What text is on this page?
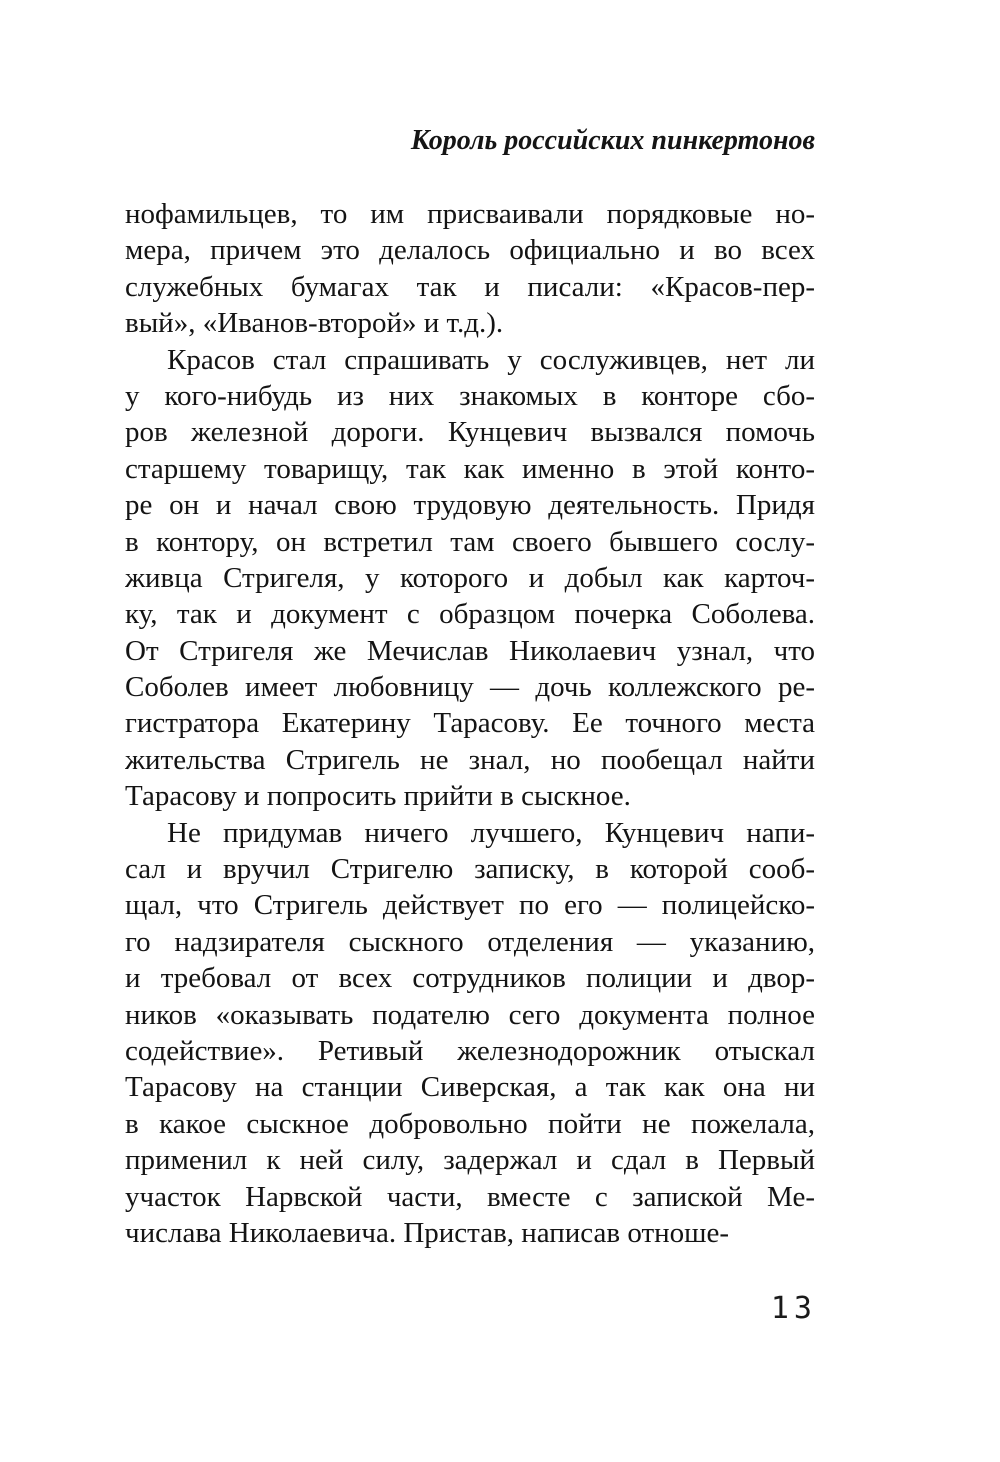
Король российских пинкертонов
нофамильцев, то им присваивали порядковые но-
мера, причем это делалось официально и во всех
служебных бумагах так и писали: «Красов-пер-
вый», «Иванов-второй» и т.д.).
Красов стал спрашивать у сослуживцев, нет ли
у кого-нибудь из них знакомых в конторе сбо-
ров железной дороги. Кунцевич вызвался помочь
старшему товарищу, так как именно в этой конто-
ре он и начал свою трудовую деятельность. Придя
в контору, он встретил там своего бывшего сослу-
живца Стригеля, у которого и добыл как карточ-
ку, так и документ с образцом почерка Соболева.
От Стригеля же Мечислав Николаевич узнал, что
Соболев имеет любовницу — дочь коллежского ре-
гистратора Екатерину Тарасову. Ее точного места
жительства Стригель не знал, но пообещал найти
Тарасову и попросить прийти в сыскное.
Не придумав ничего лучшего, Кунцевич напи-
сал и вручил Стригелю записку, в которой сооб-
щал, что Стригель действует по его — полицейско-
го надзирателя сыскного отделения — указанию,
и требовал от всех сотрудников полиции и двор-
ников «оказывать подателю сего документа полное
содействие». Ретивый железнодорожник отыскал
Тарасову на станции Сиверская, а так как она ни
в какое сыскное добровольно пойти не пожелала,
применил к ней силу, задержал и сдал в Первый
участок Нарвской части, вместе с запиской Ме-
числава Николаевича. Пристав, написав отноше-
13
